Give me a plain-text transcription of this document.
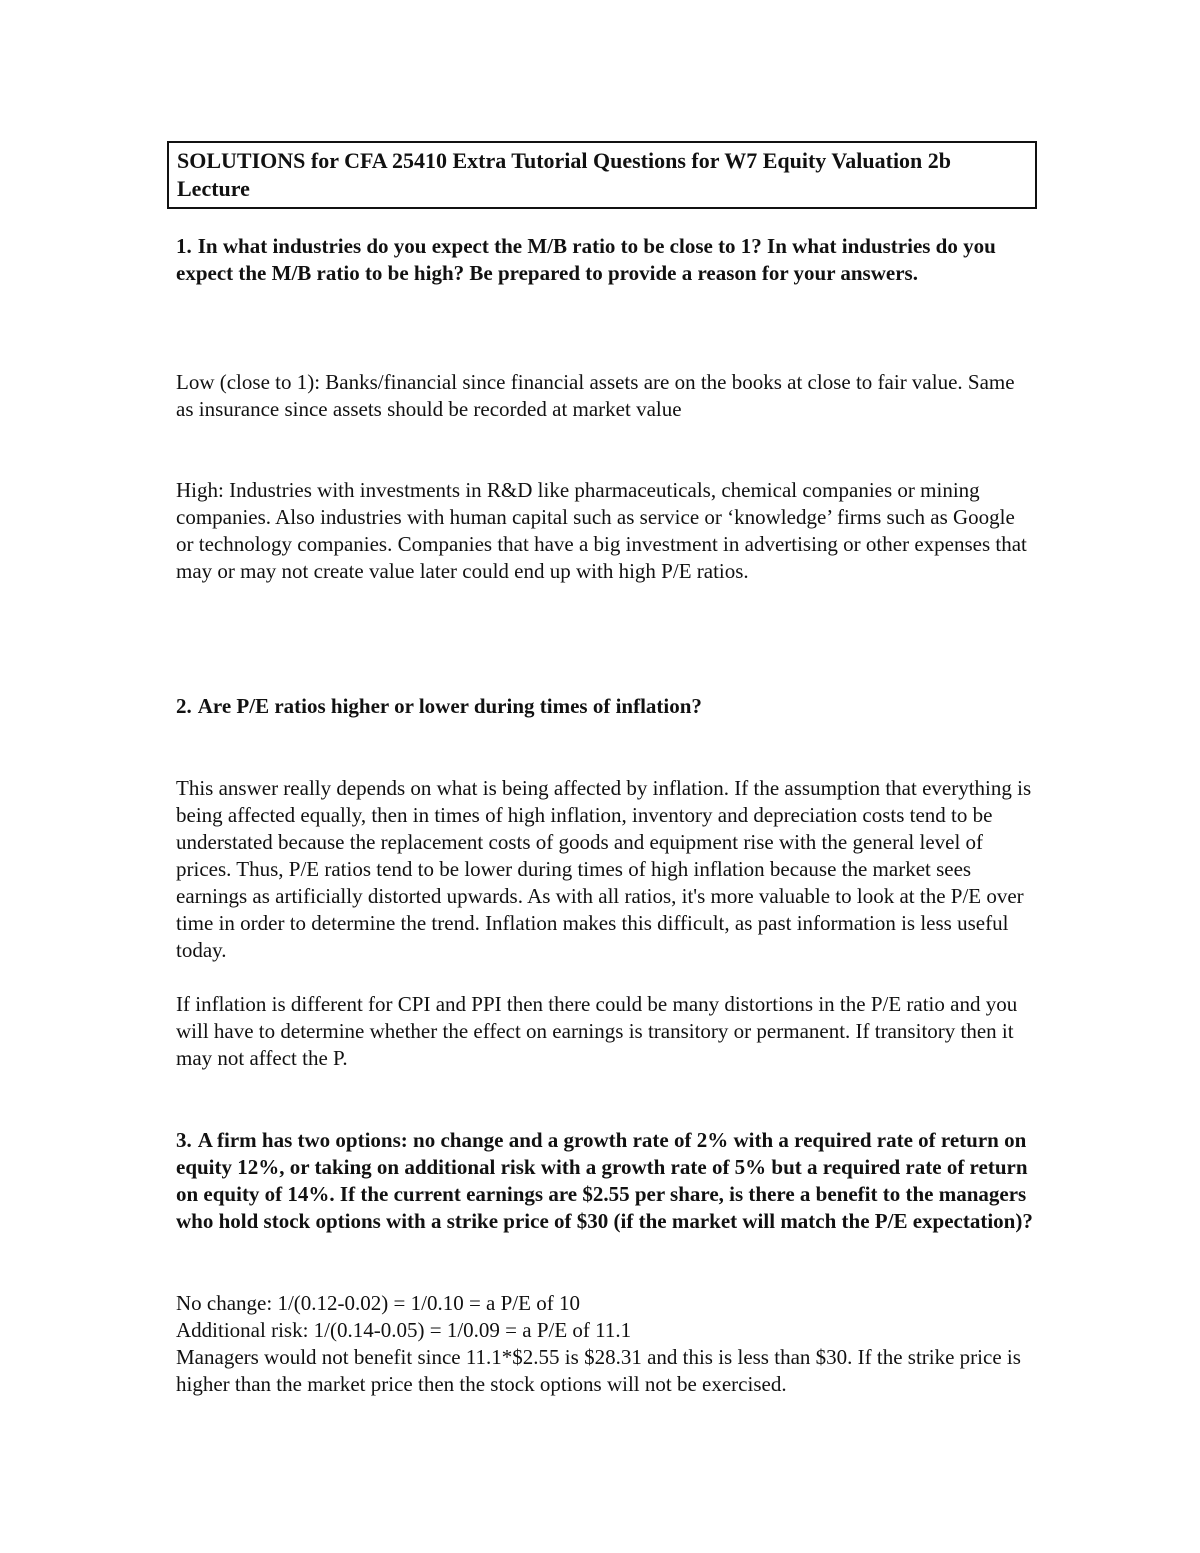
SOLUTIONS for CFA 25410 Extra Tutorial Questions for W7 Equity Valuation 2b Lecture

1. In what industries do you expect the M/B ratio to be close to 1? In what industries do you expect the M/B ratio to be high? Be prepared to provide a reason for your answers.

Low (close to 1): Banks/financial since financial assets are on the books at close to fair value. Same as insurance since assets should be recorded at market value

High: Industries with investments in R&D like pharmaceuticals, chemical companies or mining companies. Also industries with human capital such as service or ‘knowledge’ firms such as Google or technology companies. Companies that have a big investment in advertising or other expenses that may or may not create value later could end up with high P/E ratios.

2. Are P/E ratios higher or lower during times of inflation?

This answer really depends on what is being affected by inflation. If the assumption that everything is being affected equally, then in times of high inflation, inventory and depreciation costs tend to be understated because the replacement costs of goods and equipment rise with the general level of prices. Thus, P/E ratios tend to be lower during times of high inflation because the market sees earnings as artificially distorted upwards. As with all ratios, it's more valuable to look at the P/E over time in order to determine the trend. Inflation makes this difficult, as past information is less useful today.

If inflation is different for CPI and PPI then there could be many distortions in the P/E ratio and you will have to determine whether the effect on earnings is transitory or permanent. If transitory then it may not affect the P.

3. A firm has two options: no change and a growth rate of 2% with a required rate of return on equity 12%, or taking on additional risk with a growth rate of 5% but a required rate of return on equity of 14%. If the current earnings are $2.55 per share, is there a benefit to the managers who hold stock options with a strike price of $30 (if the market will match the P/E expectation)?

No change: 1/(0.12-0.02) = 1/0.10 = a P/E of 10
Additional risk: 1/(0.14-0.05) = 1/0.09 = a P/E of 11.1
Managers would not benefit since 11.1*$2.55 is $28.31 and this is less than $30. If the strike price is higher than the market price then the stock options will not be exercised.
